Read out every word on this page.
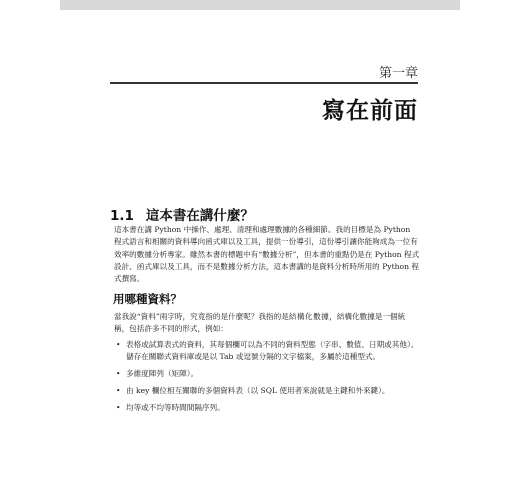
第一章
寫在前面
1.1 這本書在講什麼？
這本書在講 Python 中操作、處理、清理和處理數據的各種細節。我的目標是為 Python 程式語言和相關的資料導向函式庫以及工具，提供一份導引，這份導引讓你能夠成為一位有效率的數據分析專家。雖然本書的標題中有“數據分析”，但本書的重點仍是在 Python 程式設計、函式庫以及工具，而不是數據分析方法，這本書講的是資料分析時所用的 Python 程式撰寫。
用哪種資料？
當我說“資料”兩字時，究竟指的是什麼呢？我指的是結構化數據，結構化數據是一個統稱，包括許多不同的形式，例如：
• 表格或試算表式的資料，其每個欄可以為不同的資料型態（字串、數值、日期或其他）。儲存在關聯式資料庫或是以 Tab 或逗號分隔的文字檔案，多屬於這種型式。
• 多維度陣列（矩陣）。
• 由 key 欄位相互關聯的多個資料表（以 SQL 使用者來說就是主鍵和外來鍵）。
• 均等或不均等時間間隔序列。
